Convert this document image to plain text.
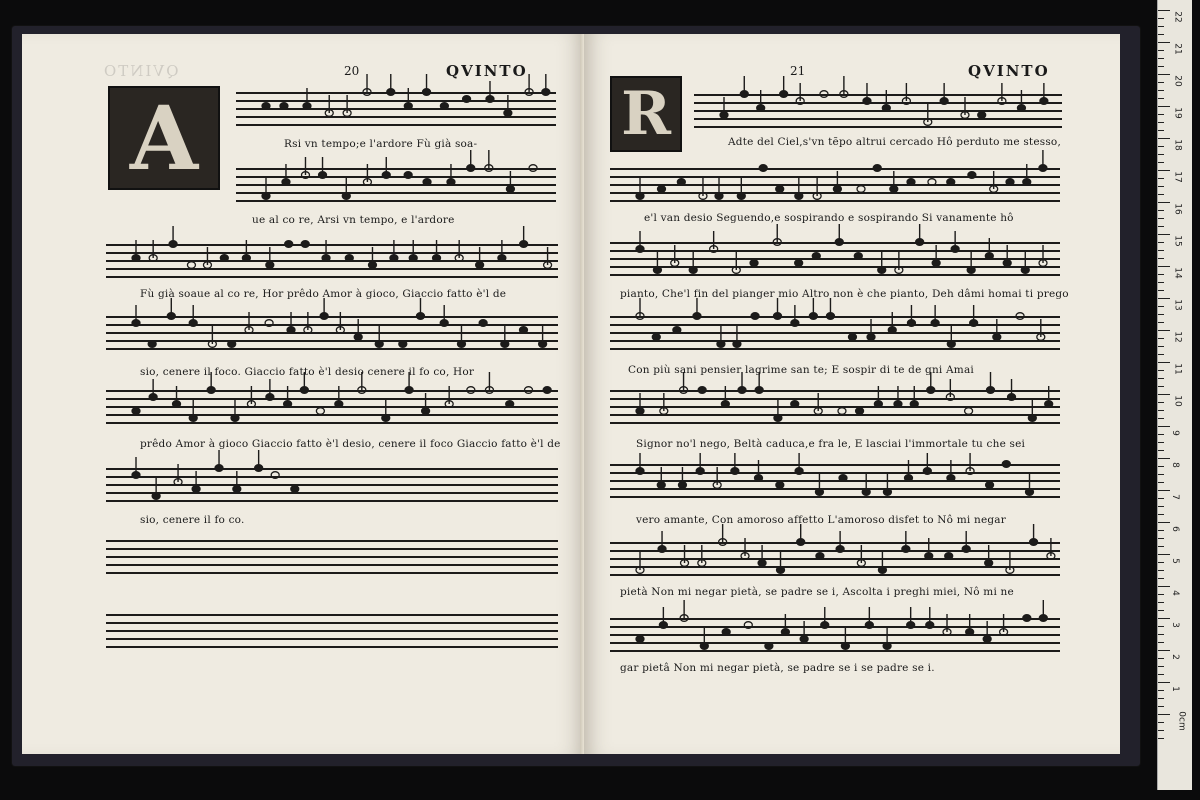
QVINTO	20	QVINTO
A	Rsi vn tempo;e l'ardore Fù già soa-
ue al co re, Arsi vn tempo, e l'ardore
Fù già soaue al co re, Hor prêdo Amor à gioco, Giaccio fatto è'l de
sio, cenere il foco. Giaccio fatto è'l desio cenere il fo co, Hor
prêdo Amor à gioco Giaccio fatto è'l desio, cenere il foco Giaccio fatto è'l de
sio, cenere il fo co.
21	QVINTO
R	Adte del Ciel,s'vn tẽpo altrui cercado Hô perduto me stesso,
e'l van desio Seguendo,e sospirando e sospirando Si vanamente hô
pianto, Che'l fin del pianger mio Altro non è che pianto, Deh dâmi homai ti prego
Con più sani pensier lagrime san te; E sospir di te de gni Amai
Signor no'l nego, Beltà caduca,e fra le, E lasciai l'immortale tu che sei
vero amante, Con amoroso affetto L'amoroso disfet to Nô mi negar
pietà Non mi negar pietà, se padre se i, Ascolta i preghi miei, Nô mi ne
gar pietâ Non mi negar pietà, se padre se i se padre se i.
22
21
20
19
18
17
16
15
14
13
12
11
10
9
8
7
6
5
4
3
2
1
0cm
